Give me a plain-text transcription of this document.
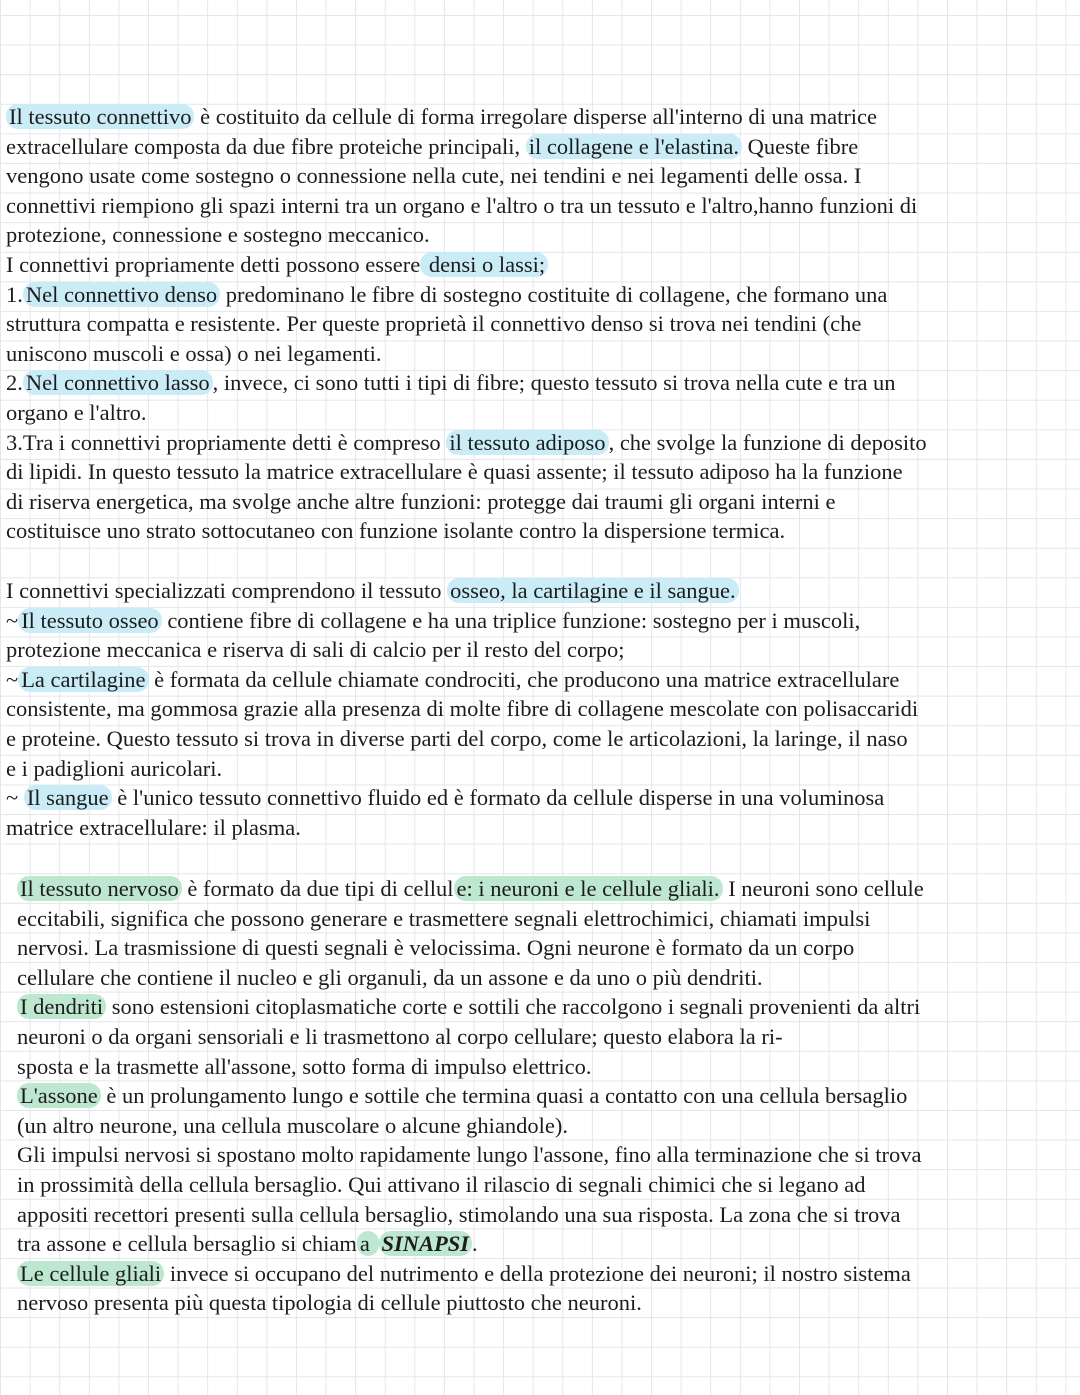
Il tessuto connettivo è costituito da cellule di forma irregolare disperse all'interno di una matrice
extracellulare composta da due fibre proteiche principali, il collagene e l'elastina. Queste fibre
vengono usate come sostegno o connessione nella cute, nei tendini e nei legamenti delle ossa. I
connettivi riempiono gli spazi interni tra un organo e l'altro o tra un tessuto e l'altro,hanno funzioni di
protezione, connessione e sostegno meccanico.
I connettivi propriamente detti possono essere densi o lassi;
1. Nel connettivo denso predominano le fibre di sostegno costituite di collagene, che formano una
struttura compatta e resistente. Per queste proprietà il connettivo denso si trova nei tendini (che
uniscono muscoli e ossa) o nei legamenti.
2. Nel connettivo lasso , invece, ci sono tutti i tipi di fibre; questo tessuto si trova nella cute e tra un
organo e l'altro.
3.Tra i connettivi propriamente detti è compreso il tessuto adiposo , che svolge la funzione di deposito
di lipidi. In questo tessuto la matrice extracellulare è quasi assente; il tessuto adiposo ha la funzione
di riserva energetica, ma svolge anche altre funzioni: protegge dai traumi gli organi interni e
costituisce uno strato sottocutaneo con funzione isolante contro la dispersione termica.
I connettivi specializzati comprendono il tessuto osseo, la cartilagine e il sangue.
~ Il tessuto osseo contiene fibre di collagene e ha una triplice funzione: sostegno per i muscoli,
protezione meccanica e riserva di sali di calcio per il resto del corpo;
~ La cartilagine è formata da cellule chiamate condrociti, che producono una matrice extracellulare
consistente, ma gommosa grazie alla presenza di molte fibre di collagene mescolate con polisaccaridi
e proteine. Questo tessuto si trova in diverse parti del corpo, come le articolazioni, la laringe, il naso
e i padiglioni auricolari.
~ Il sangue è l'unico tessuto connettivo fluido ed è formato da cellule disperse in una voluminosa
matrice extracellulare: il plasma.
Il tessuto nervoso è formato da due tipi di cellul e: i neuroni e le cellule gliali. I neuroni sono cellule
eccitabili, significa che possono generare e trasmettere segnali elettrochimici, chiamati impulsi
nervosi. La trasmissione di questi segnali è velocissima. Ogni neurone è formato da un corpo
cellulare che contiene il nucleo e gli organuli, da un assone e da uno o più dendriti.
I dendriti sono estensioni citoplasmatiche corte e sottili che raccolgono i segnali provenienti da altri
neuroni o da organi sensoriali e li trasmettono al corpo cellulare; questo elabora la ri-
sposta e la trasmette all'assone, sotto forma di impulso elettrico.
L'assone è un prolungamento lungo e sottile che termina quasi a contatto con una cellula bersaglio
(un altro neurone, una cellula muscolare o alcune ghiandole).
Gli impulsi nervosi si spostano molto rapidamente lungo l'assone, fino alla terminazione che si trova
in prossimità della cellula bersaglio. Qui attivano il rilascio di segnali chimici che si legano ad
appositi recettori presenti sulla cellula bersaglio, stimolando una sua risposta. La zona che si trova
tra assone e cellula bersaglio si chiam a SINAPSI .
Le cellule gliali invece si occupano del nutrimento e della protezione dei neuroni; il nostro sistema
nervoso presenta più questa tipologia di cellule piuttosto che neuroni.
